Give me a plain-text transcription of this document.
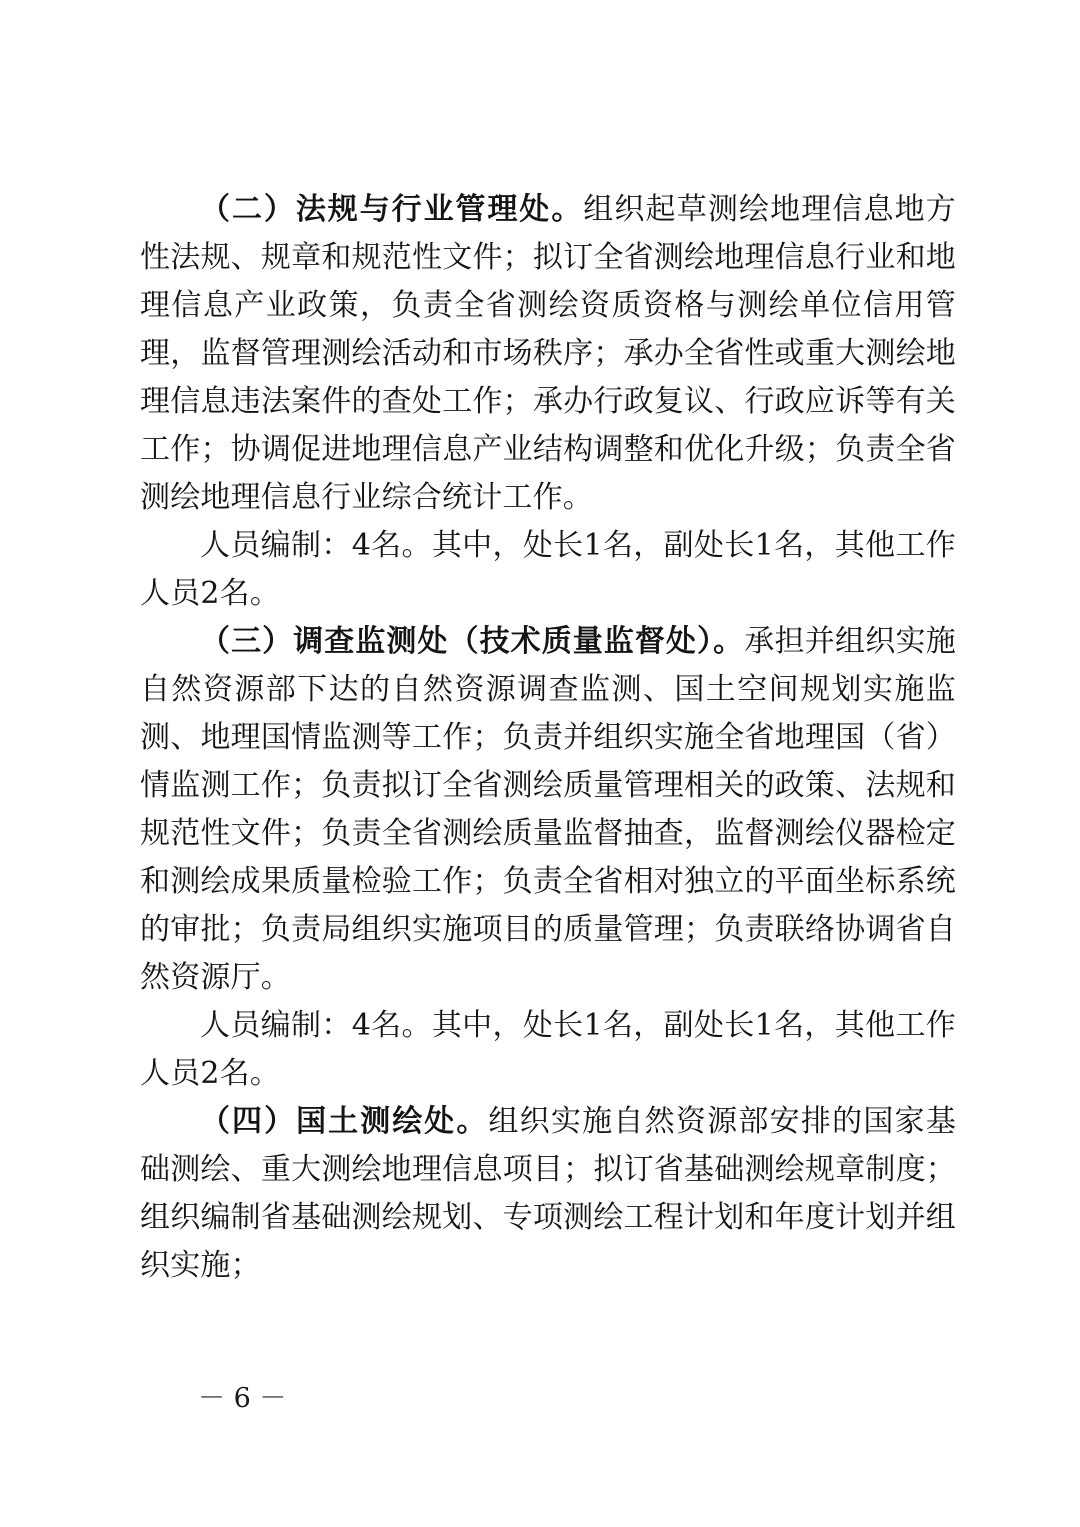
（二）法规与行业管理处。组织起草测绘地理信息地方性法规、规章和规范性文件；拟订全省测绘地理信息行业和地理信息产业政策，负责全省测绘资质资格与测绘单位信用管理，监督管理测绘活动和市场秩序；承办全省性或重大测绘地理信息违法案件的查处工作；承办行政复议、行政应诉等有关工作；协调促进地理信息产业结构调整和优化升级；负责全省测绘地理信息行业综合统计工作。

人员编制：4名。其中，处长1名，副处长1名，其他工作人员2名。

（三）调查监测处（技术质量监督处）。承担并组织实施自然资源部下达的自然资源调查监测、国土空间规划实施监测、地理国情监测等工作；负责并组织实施全省地理国（省）情监测工作；负责拟订全省测绘质量管理相关的政策、法规和规范性文件；负责全省测绘质量监督抽查，监督测绘仪器检定和测绘成果质量检验工作；负责全省相对独立的平面坐标系统的审批；负责局组织实施项目的质量管理；负责联络协调省自然资源厅。

人员编制：4名。其中，处长1名，副处长1名，其他工作人员2名。

（四）国土测绘处。组织实施自然资源部安排的国家基础测绘、重大测绘地理信息项目；拟订省基础测绘规章制度；组织编制省基础测绘规划、专项测绘工程计划和年度计划并组织实施；

－ 6 －
